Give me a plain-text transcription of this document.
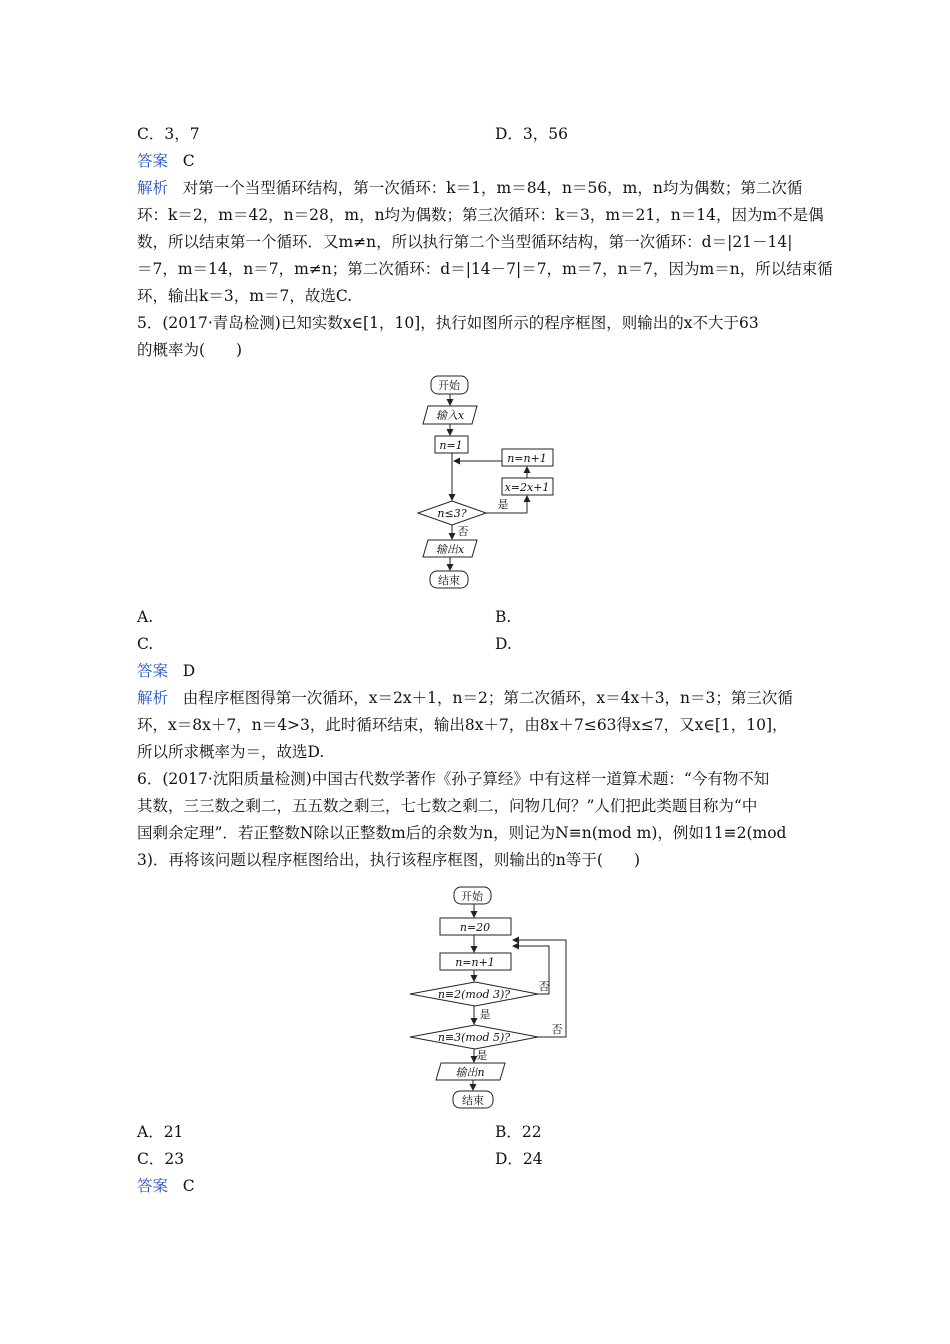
C．3，7	D．3，56
答案 C
解析 对第一个当型循环结构，第一次循环：k＝1，m＝84，n＝56，m，n均为偶数；第二次循
环：k＝2，m＝42，n＝28，m，n均为偶数；第三次循环：k＝3，m＝21，n＝14，因为m不是偶
数，所以结束第一个循环．又m≠n，所以执行第二个当型循环结构，第一次循环：d＝|21－14|
＝7，m＝14，n＝7，m≠n；第二次循环：d＝|14－7|＝7，m＝7，n＝7，因为m＝n，所以结束循
环，输出k＝3，m＝7，故选C.
5．(2017·青岛检测)已知实数x∈[1，10]，执行如图所示的程序框图，则输出的x不大于63
的概率为(　　)
开始
输入x
n=1
n=n+1
x=2x+1
n≤3?
是
否
输出x
结束
A.	B.
C.	D.
答案 D
解析 由程序框图得第一次循环，x＝2x＋1，n＝2；第二次循环，x＝4x＋3，n＝3；第三次循
环，x＝8x＋7，n＝4>3，此时循环结束，输出8x＋7，由8x＋7≤63得x≤7，又x∈[1，10]，
所以所求概率为＝，故选D.
6．(2017·沈阳质量检测)中国古代数学著作《孙子算经》中有这样一道算术题：“今有物不知
其数，三三数之剩二，五五数之剩三，七七数之剩二，问物几何？”人们把此类题目称为“中
国剩余定理”．若正整数N除以正整数m后的余数为n，则记为N≡n(mod m)，例如11≡2(mod
3)．再将该问题以程序框图给出，执行该程序框图，则输出的n等于(　　)
开始
n=20
n=n+1
n≡2(mod 3)?
n≡3(mod 5)?
是
是
否
否
输出n
结束
A．21	B．22
C．23	D．24
答案 C
